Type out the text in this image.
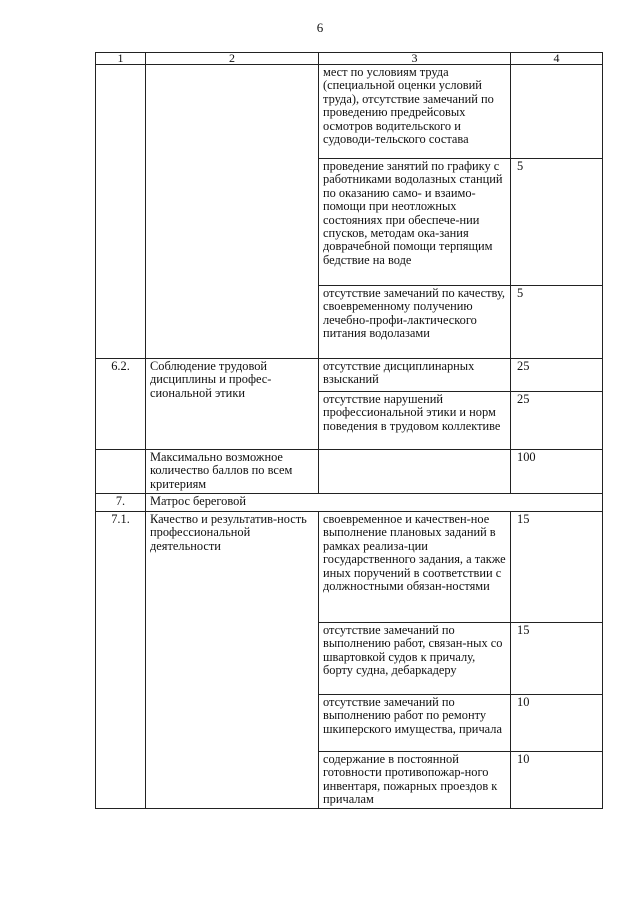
6
1	2	3	4
		мест по условиям труда (специальной оценки условий труда), отсутствие замечаний по проведению предрейсовых осмотров водительского и судоводи-тельского состава	
		проведение занятий по графику с работниками водолазных станций по оказанию само- и взаимо-помощи при неотложных состояниях при обеспече-нии спусков, методам ока-зания доврачебной помощи терпящим бедствие на воде	5
		отсутствие замечаний по качеству, своевременному получению лечебно-профи-лактического питания водолазами	5
6.2.	Соблюдение трудовой дисциплины и профес-сиональной этики	отсутствие дисциплинарных взысканий	25
		отсутствие нарушений профессиональной этики и норм поведения в трудовом коллективе	25
	Максимально возможное количество баллов по всем критериям		100
7.	Матрос береговой		
7.1.	Качество и результатив-ность профессиональной деятельности	своевременное и качествен-ное выполнение плановых заданий в рамках реализа-ции государственного задания, а также иных поручений в соответствии с должностными обязан-ностями	15
		отсутствие замечаний по выполнению работ, связан-ных со швартовкой судов к причалу, борту судна, дебаркадеру	15
		отсутствие замечаний по выполнению работ по ремонту шкиперского имущества, причала	10
		содержание в постоянной готовности противопожар-ного инвентаря, пожарных проездов к причалам	10
